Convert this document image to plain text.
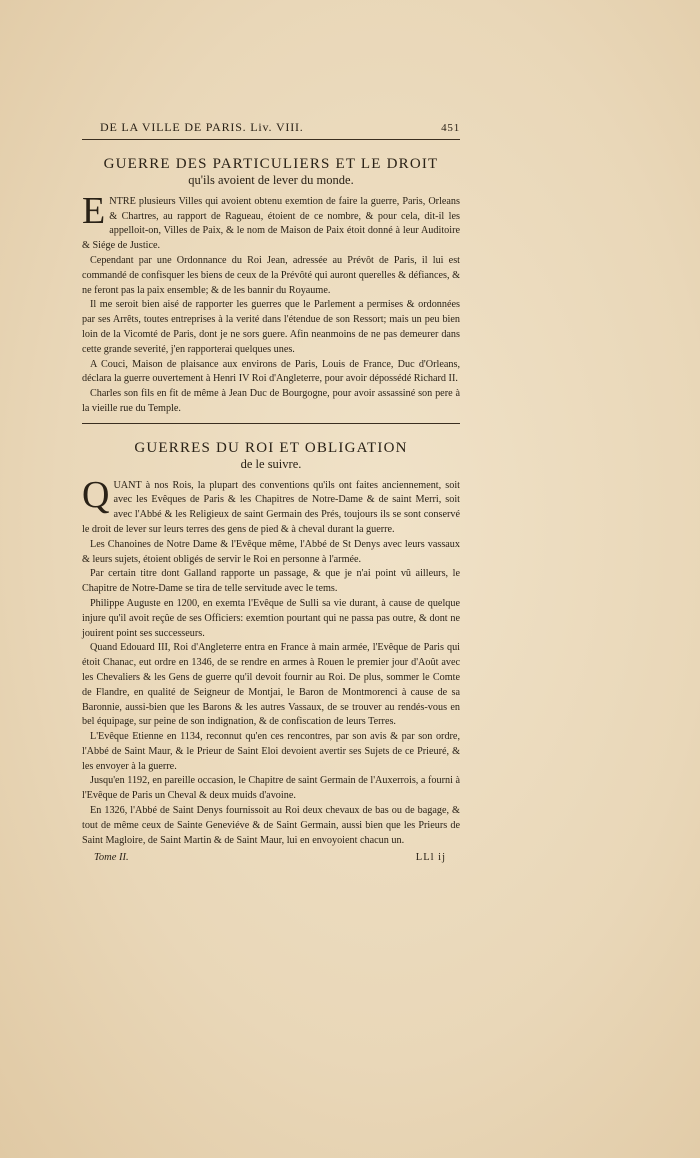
DE LA VILLE DE PARIS. Liv. VIII.	451
GUERRE DES PARTICULIERS ET LE DROIT
qu'ils avoient de lever du monde.

ENTRE plusieurs Villes qui avoient obtenu exemtion de faire la guerre, Paris, Orleans & Chartres, au rapport de Ragueau, étoient de ce nombre, & pour cela, dit-il les appelloit-on, Villes de Paix, & le nom de Maison de Paix étoit donné à leur Auditoire & Siége de Justice.

Cependant par une Ordonnance du Roi Jean, adressée au Prévôt de Paris, il lui est commandé de confisquer les biens de ceux de la Prévôté qui auront querelles & défiances, & ne feront pas la paix ensemble; & de les bannir du Royaume.

Il me seroit bien aisé de rapporter les guerres que le Parlement a permises & ordonnées par ses Arrêts, toutes entreprises à la verité dans l'étendue de son Ressort; mais un peu bien loin de la Vicomté de Paris, dont je ne sors guere. Afin neanmoins de ne pas demeurer dans cette grande severité, j'en rapporterai quelques unes.

A Couci, Maison de plaisance aux environs de Paris, Louis de France, Duc d'Orleans, déclara la guerre ouvertement à Henri IV Roi d'Angleterre, pour avoir dépossédé Richard II.

Charles son fils en fit de même à Jean Duc de Bourgogne, pour avoir assassiné son pere à la vieille rue du Temple.

GUERRES DU ROI ET OBLIGATION
de le suivre.

QUANT à nos Rois, la plupart des conventions qu'ils ont faites anciennement, soit avec les Evêques de Paris & les Chapitres de Notre-Dame & de saint Merri, soit avec l'Abbé & les Religieux de saint Germain des Prés, toujours ils se sont conservé le droit de lever sur leurs terres des gens de pied & à cheval durant la guerre.

Les Chanoines de Notre Dame & l'Evêque même, l'Abbé de St Denys avec leurs vassaux & leurs sujets, étoient obligés de servir le Roi en personne à l'armée.

Par certain titre dont Galland rapporte un passage, & que je n'ai point vû ailleurs, le Chapitre de Notre-Dame se tira de telle servitude avec le tems.

Philippe Auguste en 1200, en exemta l'Evêque de Sulli sa vie durant, à cause de quelque injure qu'il avoit reçûe de ses Officiers: exemtion pourtant qui ne passa pas outre, & dont ne jouirent point ses successeurs.

Quand Edouard III, Roi d'Angleterre entra en France à main armée, l'Evêque de Paris qui étoit Chanac, eut ordre en 1346, de se rendre en armes à Rouen le premier jour d'Août avec les Chevaliers & les Gens de guerre qu'il devoit fournir au Roi. De plus, sommer le Comte de Flandre, en qualité de Seigneur de Montjai, le Baron de Montmorenci à cause de sa Baronnie, aussi-bien que les Barons & les autres Vassaux, de se trouver au rendés-vous en bel équipage, sur peine de son indignation, & de confiscation de leurs Terres.

L'Evêque Etienne en 1134, reconnut qu'en ces rencontres, par son avis & par son ordre, l'Abbé de Saint Maur, & le Prieur de Saint Eloi devoient avertir ses Sujets de ce Prieuré, & les envoyer à la guerre.

Jusqu'en 1192, en pareille occasion, le Chapitre de saint Germain de l'Auxerrois, a fourni à l'Evêque de Paris un Cheval & deux muids d'avoine.

En 1326, l'Abbé de Saint Denys fournissoit au Roi deux chevaux de bas ou de bagage, & tout de même ceux de Sainte Geneviéve & de Saint Germain, aussi bien que les Prieurs de Saint Magloire, de Saint Martin & de Saint Maur, lui en envoyoient chacun un.

Tome II.	LLl ij
